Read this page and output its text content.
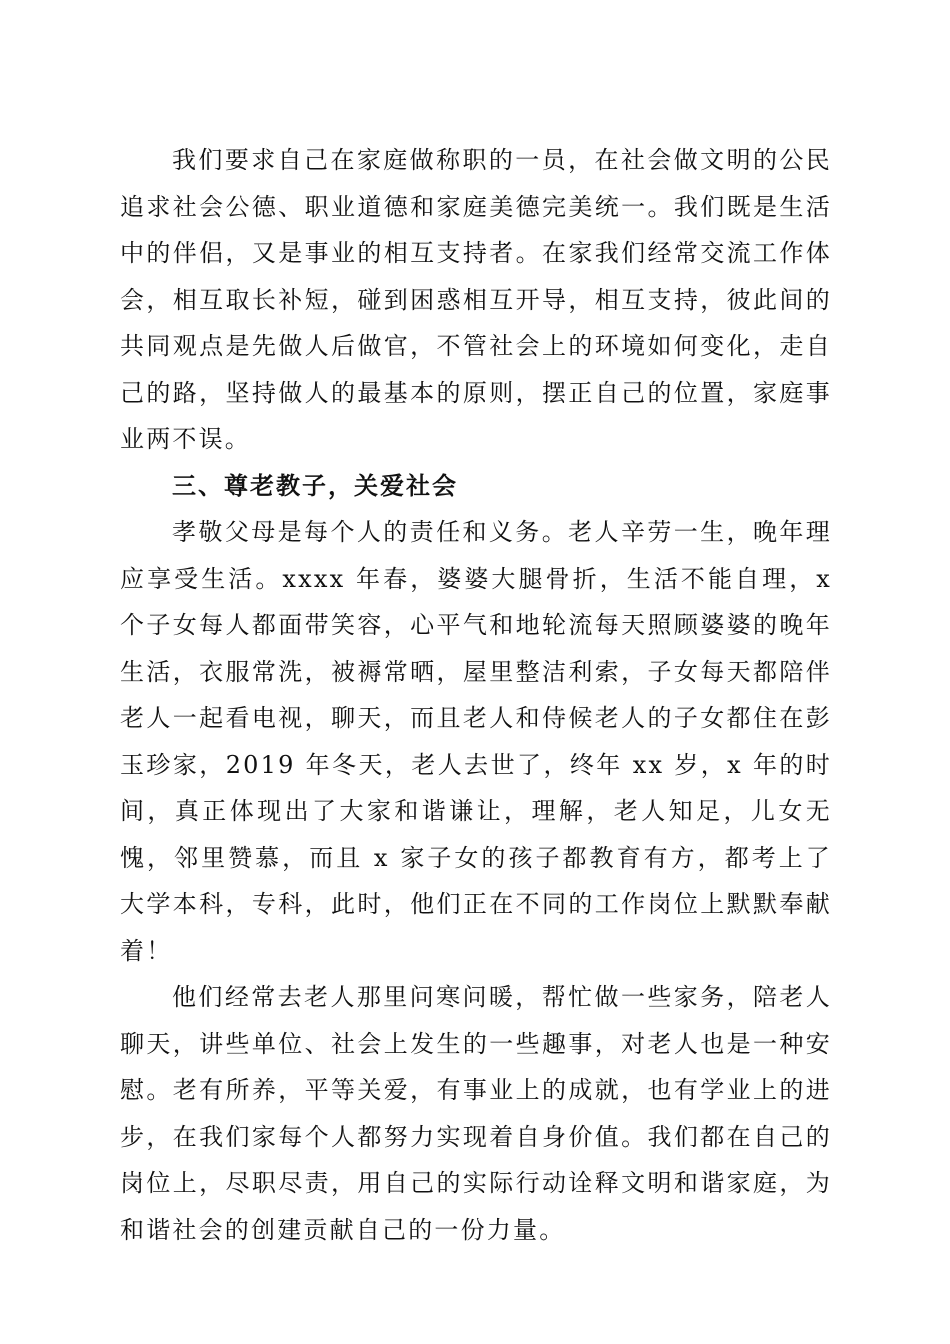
我们要求自己在家庭做称职的一员，在社会做文明的公民追求社会公德、职业道德和家庭美德完美统一。我们既是生活中的伴侣，又是事业的相互支持者。在家我们经常交流工作体会，相互取长补短，碰到困惑相互开导，相互支持，彼此间的共同观点是先做人后做官，不管社会上的环境如何变化，走自己的路，坚持做人的最基本的原则，摆正自己的位置，家庭事业两不误。

三、尊老教子，关爱社会

孝敬父母是每个人的责任和义务。老人辛劳一生，晚年理应享受生活。xxxx 年春，婆婆大腿骨折，生活不能自理，x 个子女每人都面带笑容，心平气和地轮流每天照顾婆婆的晚年生活，衣服常洗，被褥常晒，屋里整洁利索，子女每天都陪伴老人一起看电视，聊天，而且老人和侍候老人的子女都住在彭玉珍家，2019 年冬天，老人去世了，终年 xx 岁，x 年的时间，真正体现出了大家和谐谦让，理解，老人知足，儿女无愧，邻里赞慕，而且 x 家子女的孩子都教育有方，都考上了大学本科，专科，此时，他们正在不同的工作岗位上默默奉献着！

他们经常去老人那里问寒问暖，帮忙做一些家务，陪老人聊天，讲些单位、社会上发生的一些趣事，对老人也是一种安慰。老有所养，平等关爱，有事业上的成就，也有学业上的进步，在我们家每个人都努力实现着自身价值。我们都在自己的岗位上，尽职尽责，用自己的实际行动诠释文明和谐家庭，为和谐社会的创建贡献自己的一份力量。
